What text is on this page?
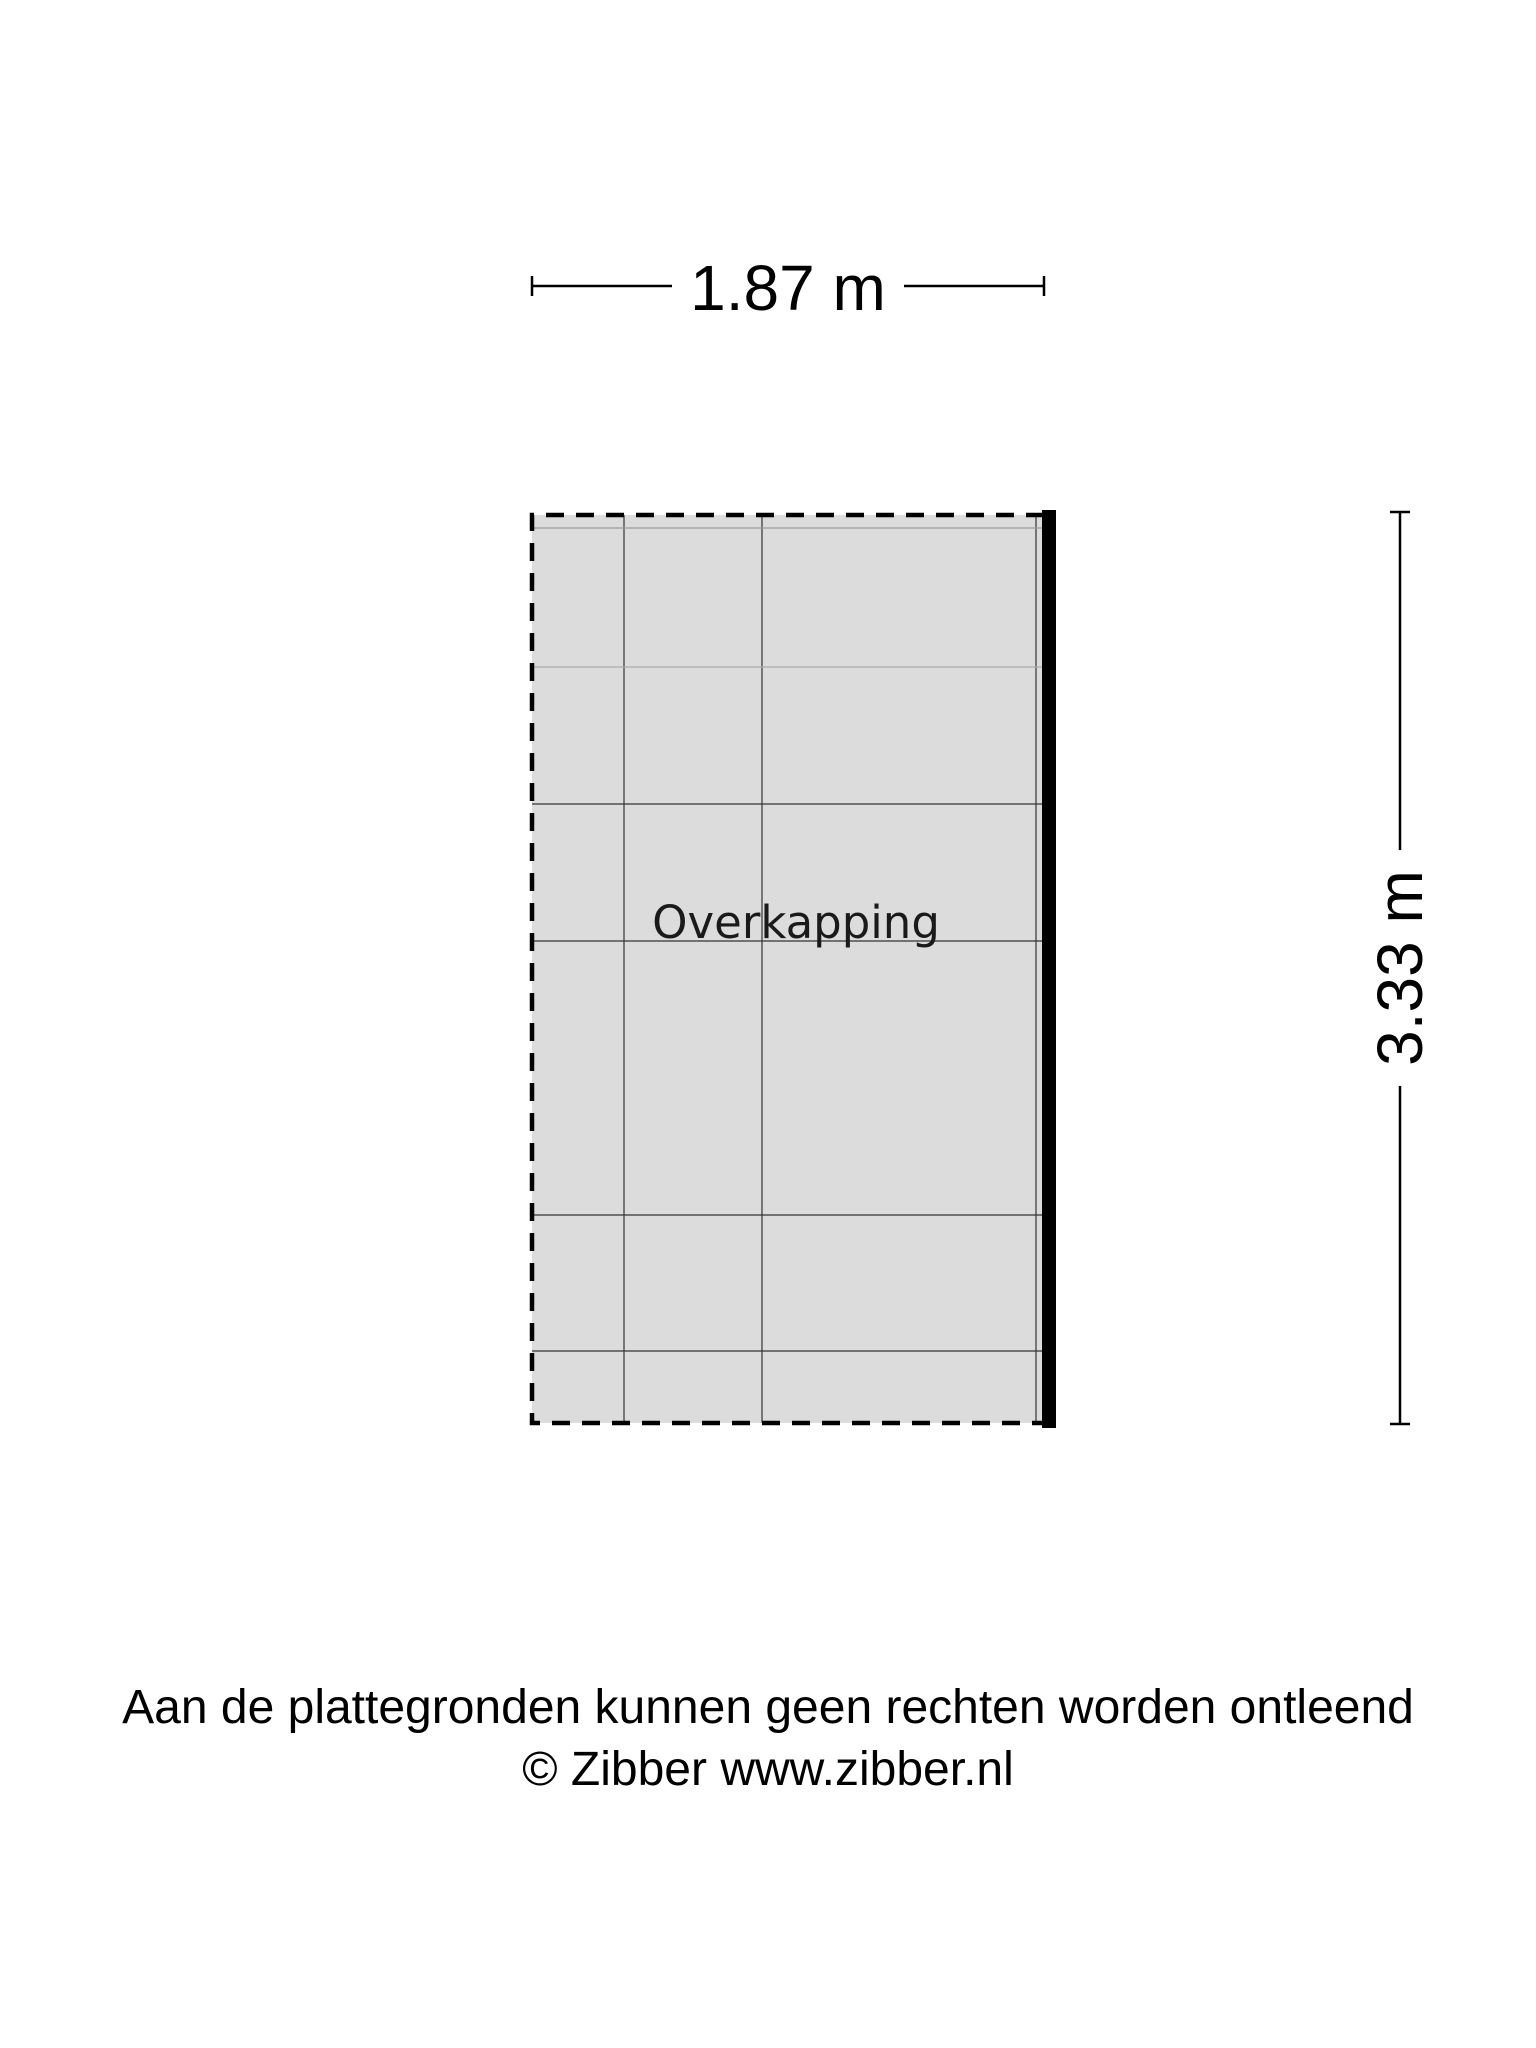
1.87 m
Overkapping	3.33 m
Aan de plattegronden kunnen geen rechten worden ontleend
© Zibber www.zibber.nl
